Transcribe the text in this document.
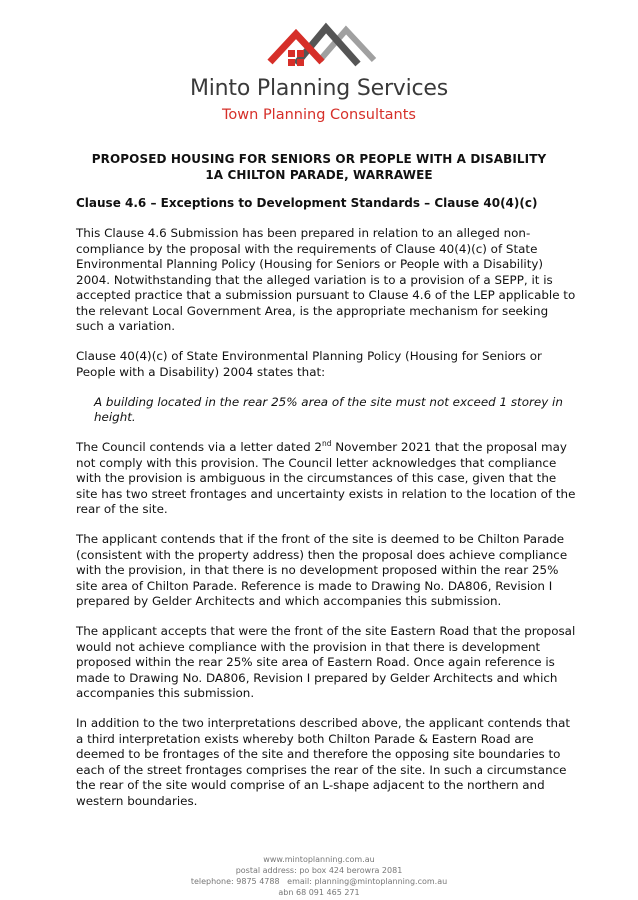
Minto Planning Services
Town Planning Consultants
PROPOSED HOUSING FOR SENIORS OR PEOPLE WITH A DISABILITY
1A CHILTON PARADE, WARRAWEE
Clause 4.6 – Exceptions to Development Standards – Clause 40(4)(c)

This Clause 4.6 Submission has been prepared in relation to an alleged non-compliance by the proposal with the requirements of Clause 40(4)(c) of State Environmental Planning Policy (Housing for Seniors or People with a Disability) 2004. Notwithstanding that the alleged variation is to a provision of a SEPP, it is accepted practice that a submission pursuant to Clause 4.6 of the LEP applicable to the relevant Local Government Area, is the appropriate mechanism for seeking such a variation.

Clause 40(4)(c) of State Environmental Planning Policy (Housing for Seniors or People with a Disability) 2004 states that:

A building located in the rear 25% area of the site must not exceed 1 storey in height.

The Council contends via a letter dated 2nd November 2021 that the proposal may not comply with this provision. The Council letter acknowledges that compliance with the provision is ambiguous in the circumstances of this case, given that the site has two street frontages and uncertainty exists in relation to the location of the rear of the site.

The applicant contends that if the front of the site is deemed to be Chilton Parade (consistent with the property address) then the proposal does achieve compliance with the provision, in that there is no development proposed within the rear 25% site area of Chilton Parade. Reference is made to Drawing No. DA806, Revision I prepared by Gelder Architects and which accompanies this submission.

The applicant accepts that were the front of the site Eastern Road that the proposal would not achieve compliance with the provision in that there is development proposed within the rear 25% site area of Eastern Road. Once again reference is made to Drawing No. DA806, Revision I prepared by Gelder Architects and which accompanies this submission.

In addition to the two interpretations described above, the applicant contends that a third interpretation exists whereby both Chilton Parade & Eastern Road are deemed to be frontages of the site and therefore the opposing site boundaries to each of the street frontages comprises the rear of the site. In such a circumstance the rear of the site would comprise of an L-shape adjacent to the northern and western boundaries.

www.mintoplanning.com.au
postal address: po box 424 berowra 2081
telephone: 9875 4788   email: planning@mintoplanning.com.au
abn 68 091 465 271
